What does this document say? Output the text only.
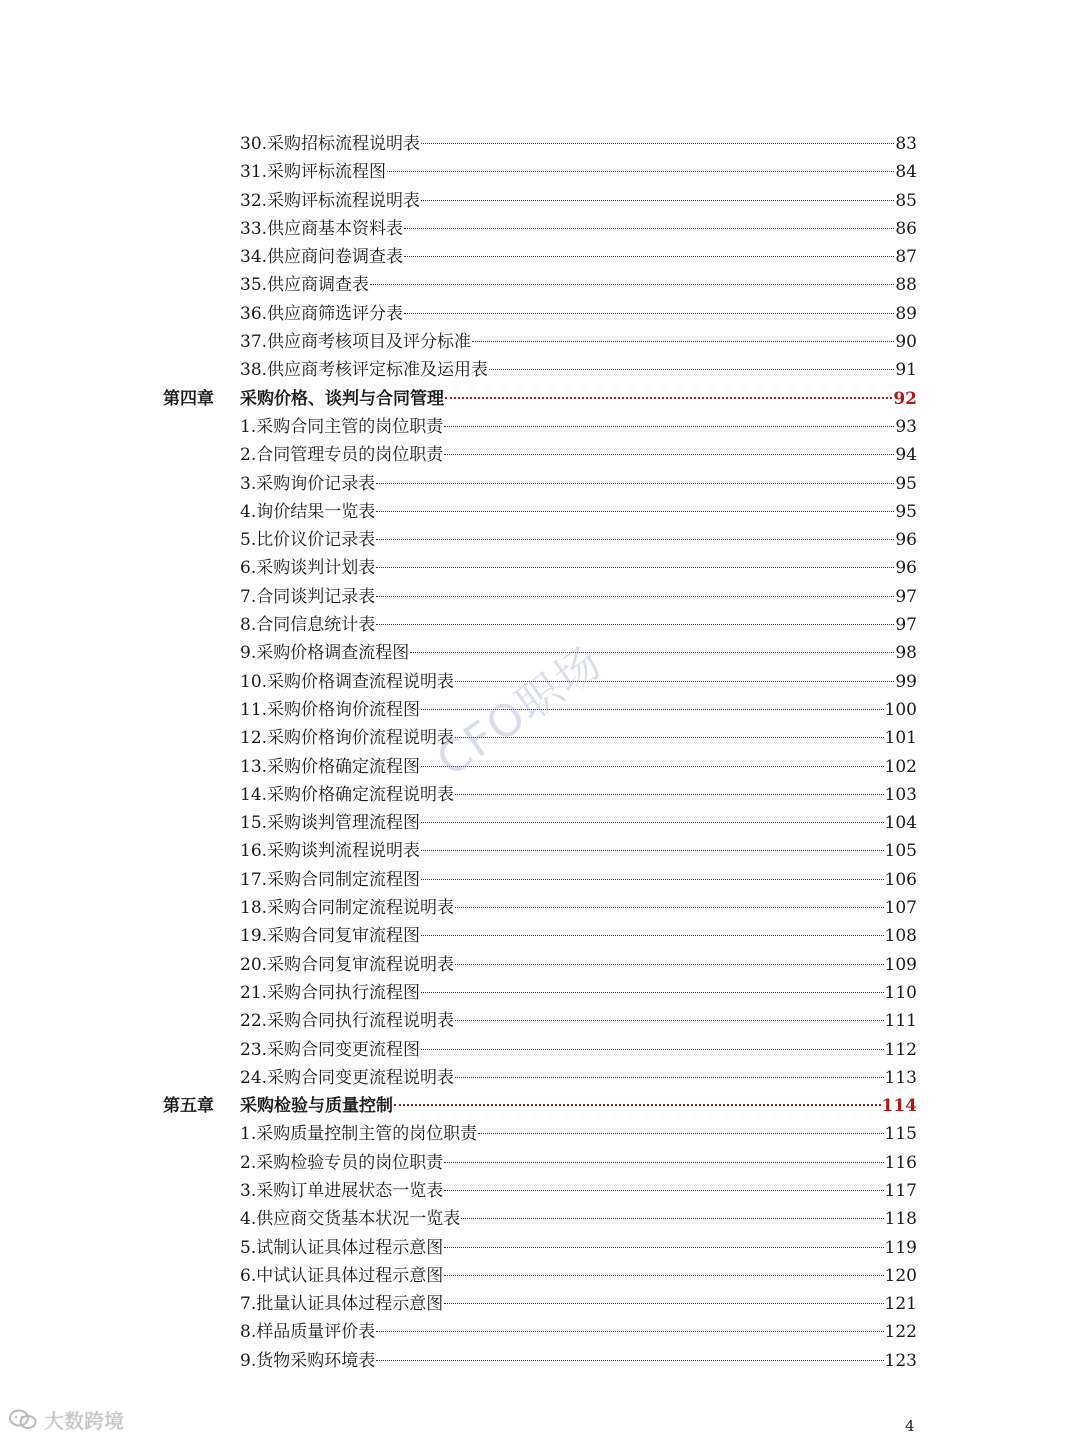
30.采购招标流程说明表	83
31.采购评标流程图	84
32.采购评标流程说明表	85
33.供应商基本资料表	86
34.供应商问卷调查表	87
35.供应商调查表	88
36.供应商筛选评分表	89
37.供应商考核项目及评分标准	90
38.供应商考核评定标准及运用表	91
第四章 采购价格、谈判与合同管理	92
1.采购合同主管的岗位职责	93
2.合同管理专员的岗位职责	94
3.采购询价记录表	95
4.询价结果一览表	95
5.比价议价记录表	96
6.采购谈判计划表	96
7.合同谈判记录表	97
8.合同信息统计表	97
9.采购价格调查流程图	98
10.采购价格调查流程说明表	99
11.采购价格询价流程图	100
12.采购价格询价流程说明表	101
13.采购价格确定流程图	102
14.采购价格确定流程说明表	103
15.采购谈判管理流程图	104
16.采购谈判流程说明表	105
17.采购合同制定流程图	106
18.采购合同制定流程说明表	107
19.采购合同复审流程图	108
20.采购合同复审流程说明表	109
21.采购合同执行流程图	110
22.采购合同执行流程说明表	111
23.采购合同变更流程图	112
24.采购合同变更流程说明表	113
第五章 采购检验与质量控制	114
1.采购质量控制主管的岗位职责	115
2.采购检验专员的岗位职责	116
3.采购订单进展状态一览表	117
4.供应商交货基本状况一览表	118
5.试制认证具体过程示意图	119
6.中试认证具体过程示意图	120
7.批量认证具体过程示意图	121
8.样品质量评价表	122
9.货物采购环境表	123
CFO职场
大数跨境	4
